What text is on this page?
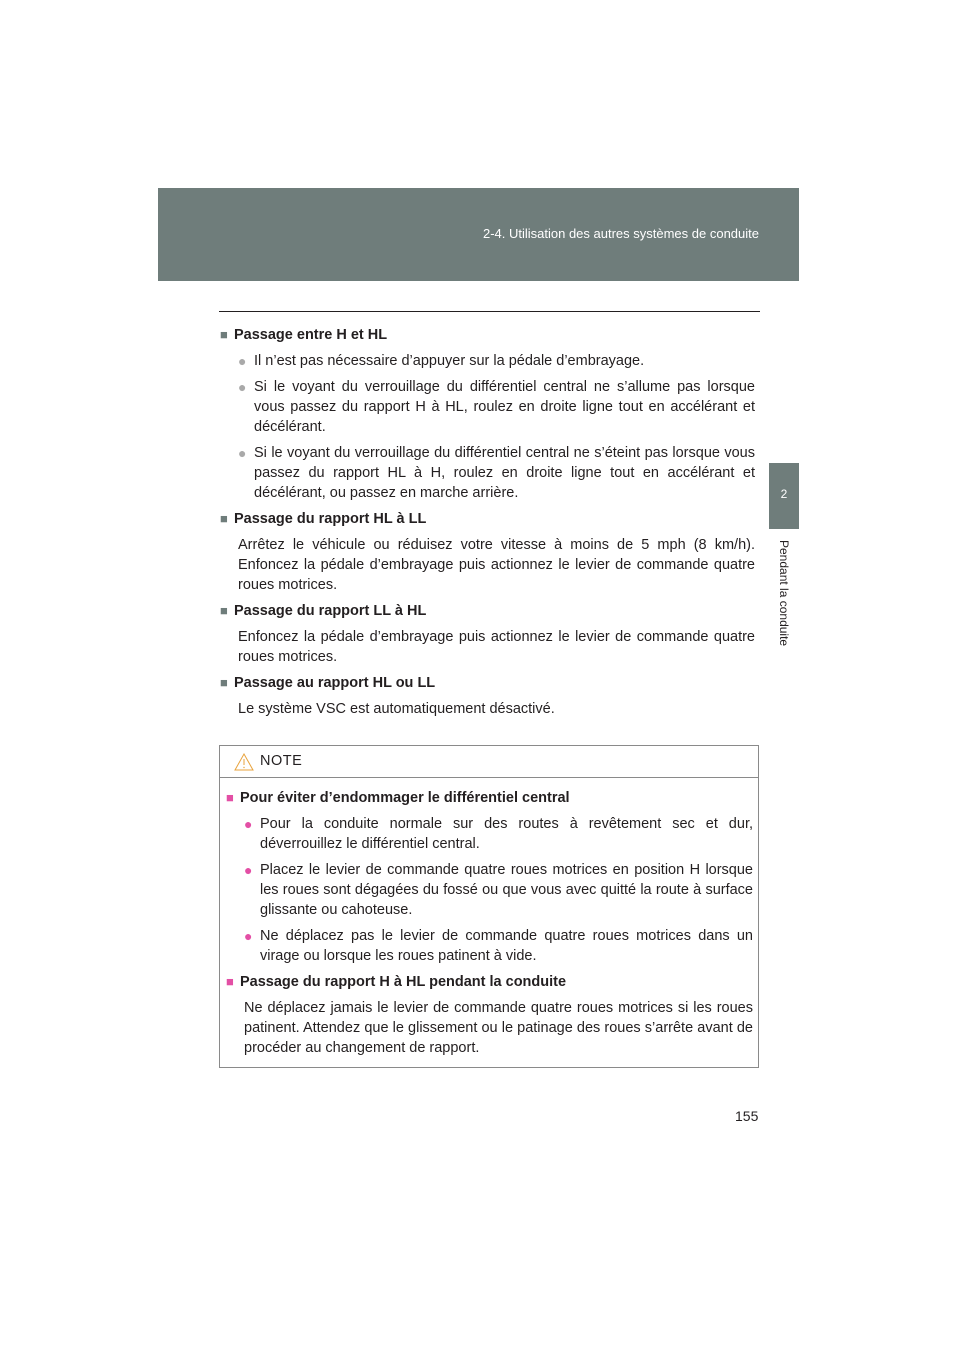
2-4. Utilisation des autres systèmes de conduite
2
Pendant la conduite
■ Passage entre H et HL
● Il n’est pas nécessaire d’appuyer sur la pédale d’embrayage.
● Si le voyant du verrouillage du différentiel central ne s’allume pas lorsque vous passez du rapport H à HL, roulez en droite ligne tout en accélérant et décélérant.
● Si le voyant du verrouillage du différentiel central ne s’éteint pas lorsque vous passez du rapport HL à H, roulez en droite ligne tout en accélérant et décélérant, ou passez en marche arrière.
■ Passage du rapport HL à LL
Arrêtez le véhicule ou réduisez votre vitesse à moins de 5 mph (8 km/h). Enfoncez la pédale d’embrayage puis actionnez le levier de commande quatre roues motrices.
■ Passage du rapport LL à HL
Enfoncez la pédale d’embrayage puis actionnez le levier de commande quatre roues motrices.
■ Passage au rapport HL ou LL
Le système VSC est automatiquement désactivé.
NOTE
■ Pour éviter d’endommager le différentiel central
● Pour la conduite normale sur des routes à revêtement sec et dur, déverrouillez le différentiel central.
● Placez le levier de commande quatre roues motrices en position H lorsque les roues sont dégagées du fossé ou que vous avec quitté la route à surface glissante ou cahoteuse.
● Ne déplacez pas le levier de commande quatre roues motrices dans un virage ou lorsque les roues patinent à vide.
■ Passage du rapport H à HL pendant la conduite
Ne déplacez jamais le levier de commande quatre roues motrices si les roues patinent. Attendez que le glissement ou le patinage des roues s’arrête avant de procéder au changement de rapport.
155
